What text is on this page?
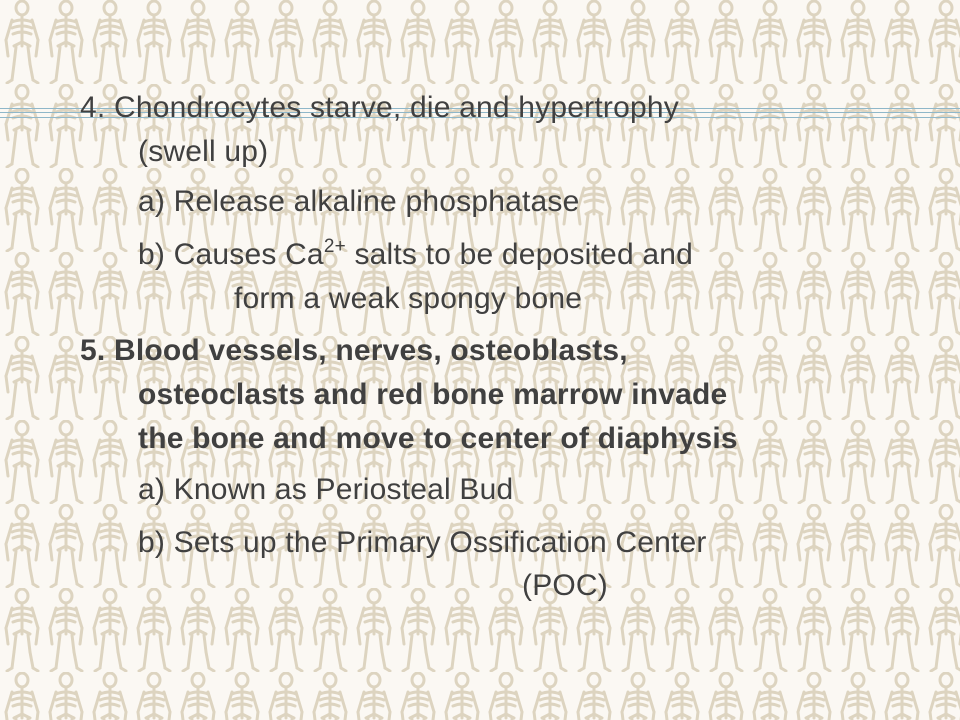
4. Chondrocytes starve, die and hypertrophy
(swell up)
a) Release alkaline phosphatase
b) Causes $Ca^{2+}$ salts to be deposited and
form a weak spongy bone
5. Blood vessels, nerves, osteoblasts,
osteoclasts and red bone marrow invade
the bone and move to center of diaphysis
a) Known as Periosteal Bud
b) Sets up the Primary Ossification Center
(POC)
